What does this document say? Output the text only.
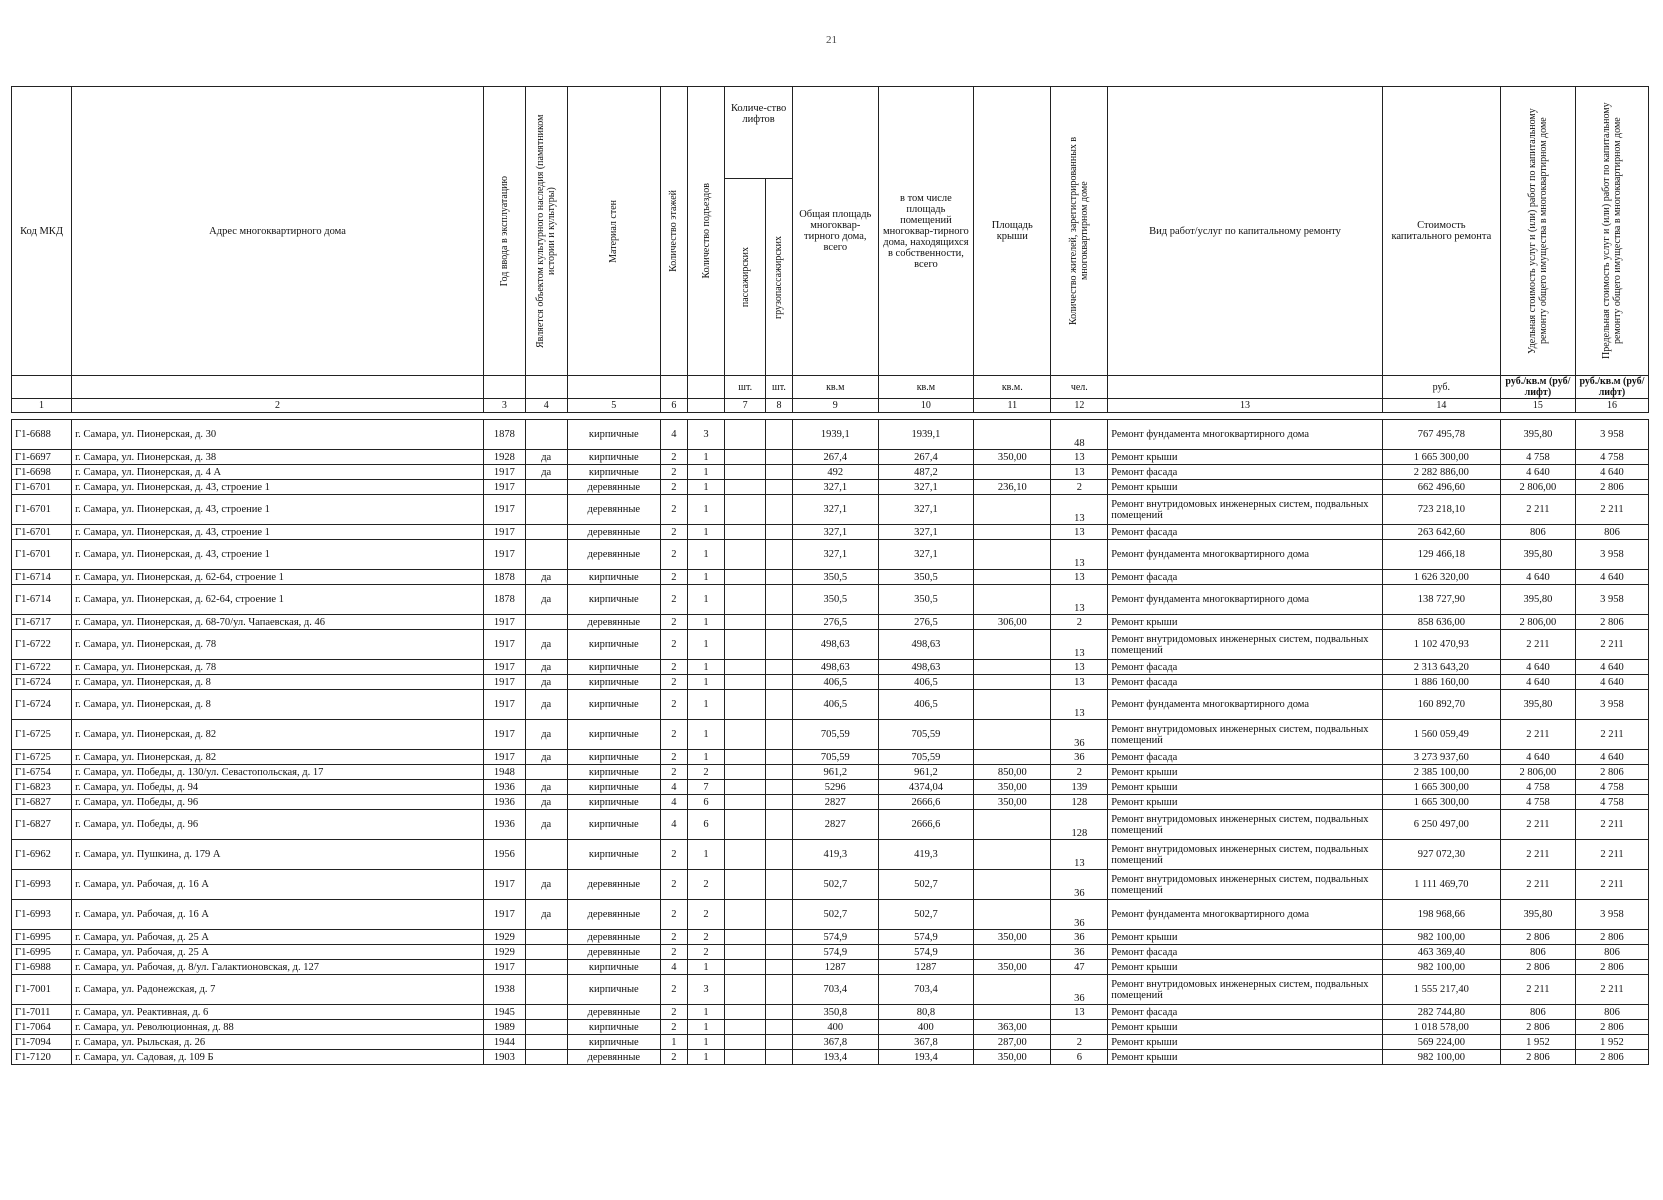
21
Код МКД	Адрес многоквартирного дома	Год ввода в эксплуатацию	Является объектом культурного наследия (памятником истории и культуры)	Материал стен	Количество этажей	Количество подъездов	Количе-ство лифтов		Общая площадь многоквар-тирного дома, всего	в том числе площадь помещений многоквар-тирного дома, находящихся в собственности, всего	Площадь крыши	Количество жителей, зарегистрированных в многоквартирном доме	Вид работ/услуг по капитальному ремонту	Стоимость капитального ремонта	Удельная стоимость услуг и (или) работ по капитальному ремонту общего имущества в многоквартирном доме	Предельная стоимость услуг и (или) работ по капитальному ремонту общего имущества в многоквартирном доме

							пассажирских	грузопассажирских								

							шт.	шт.	кв.м	кв.м	кв.м.	чел.		руб.	руб./кв.м (руб/лифт)	руб./кв.м (руб/лифт)
1	2	3	4	5	6		7	8	9	10	11	12	13	14	15	16

Г1-6688	г. Самара, ул. Пионерская, д. 30	1878		кирпичные	4	3			1939,1	1939,1		48	Ремонт фундамента многоквартирного дома	767 495,78	395,80	3 958
Г1-6697	г. Самара, ул. Пионерская, д. 38	1928	да	кирпичные	2	1			267,4	267,4	350,00	13	Ремонт крыши	1 665 300,00	4 758	4 758
Г1-6698	г. Самара, ул. Пионерская, д. 4 А	1917	да	кирпичные	2	1			492	487,2		13	Ремонт фасада	2 282 886,00	4 640	4 640
Г1-6701	г. Самара, ул. Пионерская, д. 43, строение 1	1917		деревянные	2	1			327,1	327,1	236,10	2	Ремонт крыши	662 496,60	2 806,00	2 806
Г1-6701	г. Самара, ул. Пионерская, д. 43, строение 1	1917		деревянные	2	1			327,1	327,1		13	Ремонт внутридомовых инженерных систем, подвальных помещений	723 218,10	2 211	2 211
Г1-6701	г. Самара, ул. Пионерская, д. 43, строение 1	1917		деревянные	2	1			327,1	327,1		13	Ремонт фасада	263 642,60	806	806
Г1-6701	г. Самара, ул. Пионерская, д. 43, строение 1	1917		деревянные	2	1			327,1	327,1		13	Ремонт фундамента многоквартирного дома	129 466,18	395,80	3 958
Г1-6714	г. Самара, ул. Пионерская, д. 62-64, строение 1	1878	да	кирпичные	2	1			350,5	350,5		13	Ремонт фасада	1 626 320,00	4 640	4 640
Г1-6714	г. Самара, ул. Пионерская, д. 62-64, строение 1	1878	да	кирпичные	2	1			350,5	350,5		13	Ремонт фундамента многоквартирного дома	138 727,90	395,80	3 958
Г1-6717	г. Самара, ул. Пионерская, д. 68-70/ул. Чапаевская, д. 46	1917		деревянные	2	1			276,5	276,5	306,00	2	Ремонт крыши	858 636,00	2 806,00	2 806
Г1-6722	г. Самара, ул. Пионерская, д. 78	1917	да	кирпичные	2	1			498,63	498,63		13	Ремонт внутридомовых инженерных систем, подвальных помещений	1 102 470,93	2 211	2 211
Г1-6722	г. Самара, ул. Пионерская, д. 78	1917	да	кирпичные	2	1			498,63	498,63		13	Ремонт фасада	2 313 643,20	4 640	4 640
Г1-6724	г. Самара, ул. Пионерская, д. 8	1917	да	кирпичные	2	1			406,5	406,5		13	Ремонт фасада	1 886 160,00	4 640	4 640
Г1-6724	г. Самара, ул. Пионерская, д. 8	1917	да	кирпичные	2	1			406,5	406,5		13	Ремонт фундамента многоквартирного дома	160 892,70	395,80	3 958
Г1-6725	г. Самара, ул. Пионерская, д. 82	1917	да	кирпичные	2	1			705,59	705,59		36	Ремонт внутридомовых инженерных систем, подвальных помещений	1 560 059,49	2 211	2 211
Г1-6725	г. Самара, ул. Пионерская, д. 82	1917	да	кирпичные	2	1			705,59	705,59		36	Ремонт фасада	3 273 937,60	4 640	4 640
Г1-6754	г. Самара, ул. Победы, д. 130/ул. Севастопольская, д. 17	1948		кирпичные	2	2			961,2	961,2	850,00	2	Ремонт крыши	2 385 100,00	2 806,00	2 806
Г1-6823	г. Самара, ул. Победы, д. 94	1936	да	кирпичные	4	7			5296	4374,04	350,00	139	Ремонт крыши	1 665 300,00	4 758	4 758
Г1-6827	г. Самара, ул. Победы, д. 96	1936	да	кирпичные	4	6			2827	2666,6	350,00	128	Ремонт крыши	1 665 300,00	4 758	4 758
Г1-6827	г. Самара, ул. Победы, д. 96	1936	да	кирпичные	4	6			2827	2666,6		128	Ремонт внутридомовых инженерных систем, подвальных помещений	6 250 497,00	2 211	2 211
Г1-6962	г. Самара, ул. Пушкина, д. 179 А	1956		кирпичные	2	1			419,3	419,3		13	Ремонт внутридомовых инженерных систем, подвальных помещений	927 072,30	2 211	2 211
Г1-6993	г. Самара, ул. Рабочая, д. 16 А	1917	да	деревянные	2	2			502,7	502,7		36	Ремонт внутридомовых инженерных систем, подвальных помещений	1 111 469,70	2 211	2 211
Г1-6993	г. Самара, ул. Рабочая, д. 16 А	1917	да	деревянные	2	2			502,7	502,7		36	Ремонт фундамента многоквартирного дома	198 968,66	395,80	3 958
Г1-6995	г. Самара, ул. Рабочая, д. 25 А	1929		деревянные	2	2			574,9	574,9	350,00	36	Ремонт крыши	982 100,00	2 806	2 806
Г1-6995	г. Самара, ул. Рабочая, д. 25 А	1929		деревянные	2	2			574,9	574,9		36	Ремонт фасада	463 369,40	806	806
Г1-6988	г. Самара, ул. Рабочая, д. 8/ул. Галактионовская, д. 127	1917		кирпичные	4	1			1287	1287	350,00	47	Ремонт крыши	982 100,00	2 806	2 806
Г1-7001	г. Самара, ул. Радонежская, д. 7	1938		кирпичные	2	3			703,4	703,4		36	Ремонт внутридомовых инженерных систем, подвальных помещений	1 555 217,40	2 211	2 211
Г1-7011	г. Самара, ул. Реактивная, д. 6	1945		деревянные	2	1			350,8	80,8		13	Ремонт фасада	282 744,80	806	806
Г1-7064	г. Самара, ул. Революционная, д. 88	1989		кирпичные	2	1			400	400	363,00		Ремонт крыши	1 018 578,00	2 806	2 806
Г1-7094	г. Самара, ул. Рыльская, д. 26	1944		кирпичные	1	1			367,8	367,8	287,00	2	Ремонт крыши	569 224,00	1 952	1 952
Г1-7120	г. Самара, ул. Садовая, д. 109 Б	1903		деревянные	2	1			193,4	193,4	350,00	6	Ремонт крыши	982 100,00	2 806	2 806
